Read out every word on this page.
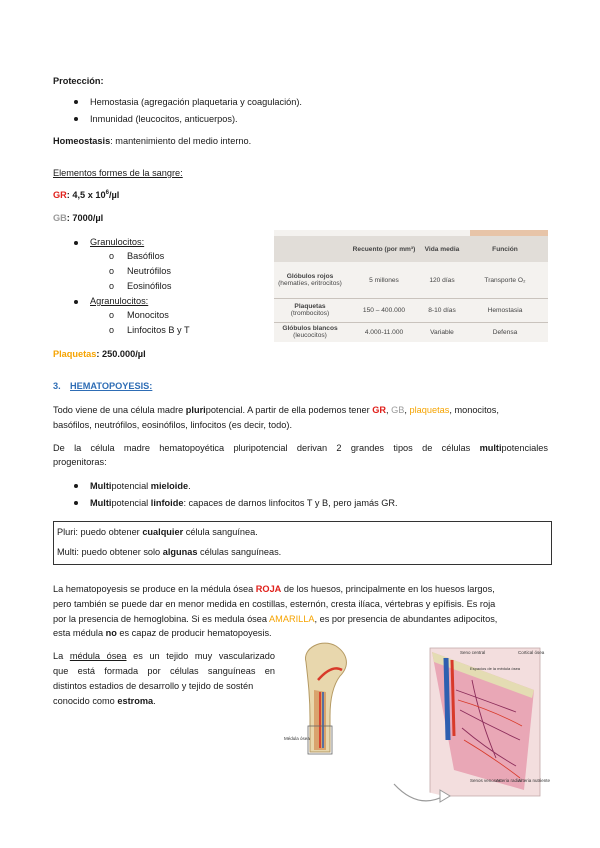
Protección:
Hemostasia (agregación plaquetaria y coagulación).
Inmunidad (leucocitos, anticuerpos).
Homeostasis: mantenimiento del medio interno.
Elementos formes de la sangre:
GR: 4,5 x $10^6/\mu l$
GB: 7000/µl
Granulocitos:
o Basófilos
o Neutrófilos
o Eosinófilos
Agranulocitos:
o Monocitos
o Linfocitos B y T
Plaquetas: 250.000/µl
	Recuento (por mm³)	Vida media	Función

Glóbulos rojos
(hematíes, eritrocitos)	5 millones	120 días	Transporte O₂

Plaquetas
(trombocitos)	150 – 400.000	8-10 días	Hemostasia

Glóbulos blancos
(leucocitos)	4.000-11.000	Variable	Defensa
3. HEMATOPOYESIS:
Todo viene de una célula madre pluripotencial. A partir de ella podemos tener GR, GB, plaquetas, monocitos,
basófilos, neutrófilos, eosinófilos, linfocitos (es decir, todo).
De la célula madre hematopoyética pluripotencial derivan 2 grandes tipos de células multipotenciales
progenitoras:
Multipotencial mieloide.
Multipotencial linfoide: capaces de darnos linfocitos T y B, pero jamás GR.
Pluri: puedo obtener cualquier célula sanguínea.
Multi: puedo obtener solo algunas células sanguíneas.
La hematopoyesis se produce en la médula ósea ROJA de los huesos, principalmente en los huesos largos,
pero también se puede dar en menor medida en costillas, esternón, cresta ilíaca, vértebras y epífisis. Es roja
por la presencia de hemoglobina. Si es medula ósea AMARILLA, es por presencia de abundantes adipocitos,
esta médula no es capaz de producir hematopoyesis.
La médula ósea es un tejido muy vascularizado
que está formada por células sanguíneas en
distintos estadios de desarrollo y tejido de sostén
conocido como estroma.
Seno central	Cortical ósea
Espacios de la médula ósea
Médula ósea
Senos venosos
Arteria radial
Arteria nutriente
